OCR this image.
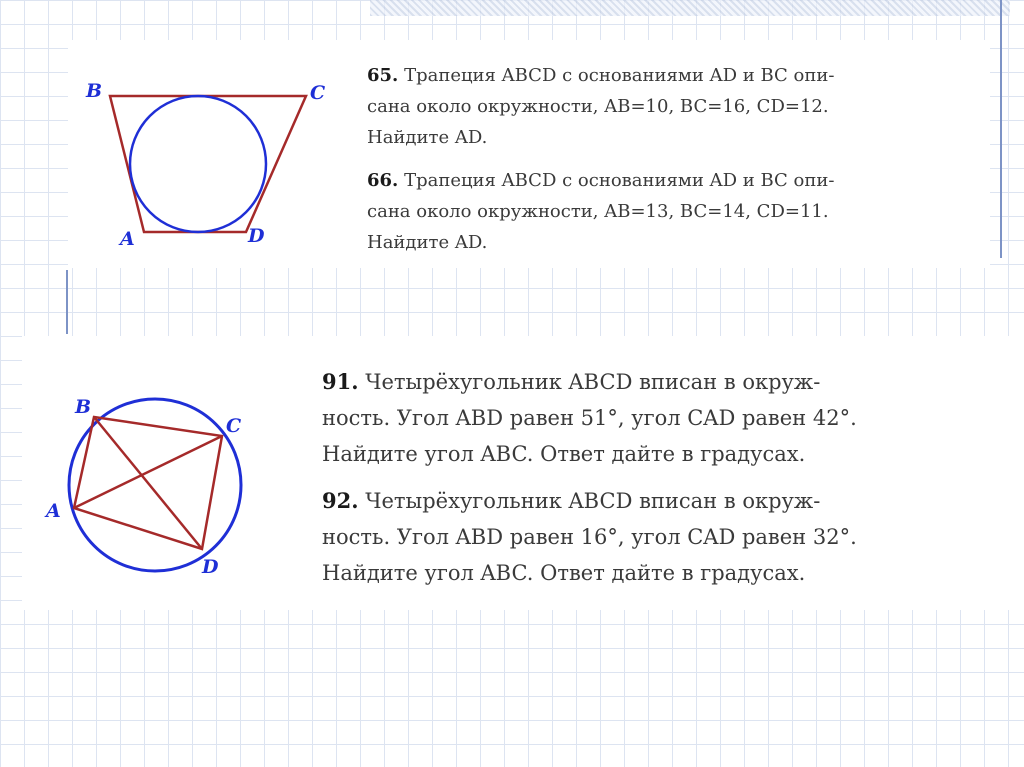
B	C
A	D
65. Трапеция ABCD с основаниями AD и BC опи-
сана около окружности, AB=10, BC=16, CD=12.
Найдите AD.
66. Трапеция ABCD с основаниями AD и BC опи-
сана около окружности, AB=13, BC=14, CD=11.
Найдите AD.
B
C
A
D
91. Четырёхугольник ABCD вписан в окруж-
ность. Угол ABD равен 51°, угол CAD равен 42°.
Найдите угол ABC. Ответ дайте в градусах.
92. Четырёхугольник ABCD вписан в окруж-
ность. Угол ABD равен 16°, угол CAD равен 32°.
Найдите угол ABC. Ответ дайте в градусах.
